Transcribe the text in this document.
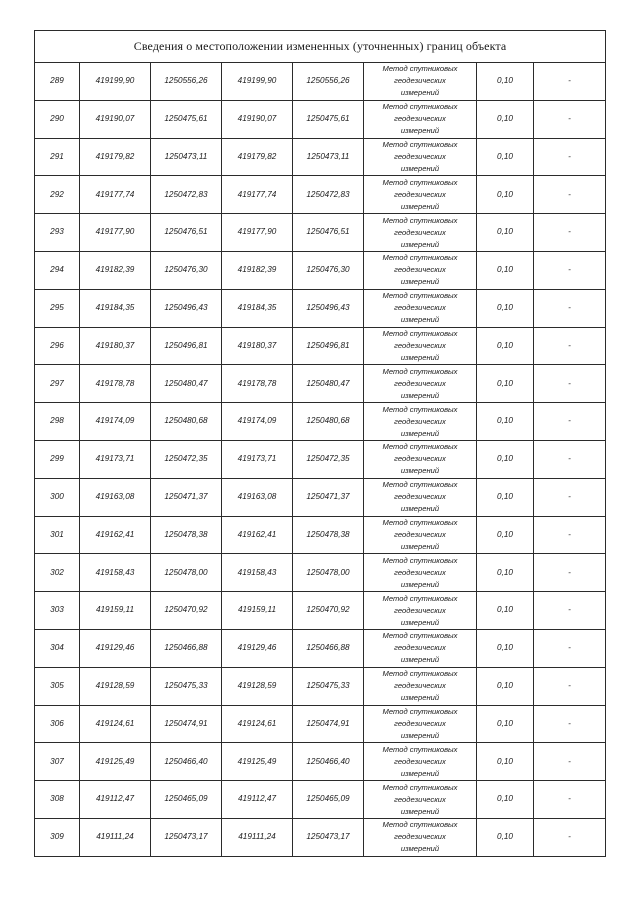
Сведения о местоположении измененных (уточненных) границ объекта							
289	419199,90	1250556,26	419199,90	1250556,26	Метод спутниковых
геодезических
измерений	0,10	-
290	419190,07	1250475,61	419190,07	1250475,61	Метод спутниковых
геодезических
измерений	0,10	-
291	419179,82	1250473,11	419179,82	1250473,11	Метод спутниковых
геодезических
измерений	0,10	-
292	419177,74	1250472,83	419177,74	1250472,83	Метод спутниковых
геодезических
измерений	0,10	-
293	419177,90	1250476,51	419177,90	1250476,51	Метод спутниковых
геодезических
измерений	0,10	-
294	419182,39	1250476,30	419182,39	1250476,30	Метод спутниковых
геодезических
измерений	0,10	-
295	419184,35	1250496,43	419184,35	1250496,43	Метод спутниковых
геодезических
измерений	0,10	-
296	419180,37	1250496,81	419180,37	1250496,81	Метод спутниковых
геодезических
измерений	0,10	-
297	419178,78	1250480,47	419178,78	1250480,47	Метод спутниковых
геодезических
измерений	0,10	-
298	419174,09	1250480,68	419174,09	1250480,68	Метод спутниковых
геодезических
измерений	0,10	-
299	419173,71	1250472,35	419173,71	1250472,35	Метод спутниковых
геодезических
измерений	0,10	-
300	419163,08	1250471,37	419163,08	1250471,37	Метод спутниковых
геодезических
измерений	0,10	-
301	419162,41	1250478,38	419162,41	1250478,38	Метод спутниковых
геодезических
измерений	0,10	-
302	419158,43	1250478,00	419158,43	1250478,00	Метод спутниковых
геодезических
измерений	0,10	-
303	419159,11	1250470,92	419159,11	1250470,92	Метод спутниковых
геодезических
измерений	0,10	-
304	419129,46	1250466,88	419129,46	1250466,88	Метод спутниковых
геодезических
измерений	0,10	-
305	419128,59	1250475,33	419128,59	1250475,33	Метод спутниковых
геодезических
измерений	0,10	-
306	419124,61	1250474,91	419124,61	1250474,91	Метод спутниковых
геодезических
измерений	0,10	-
307	419125,49	1250466,40	419125,49	1250466,40	Метод спутниковых
геодезических
измерений	0,10	-
308	419112,47	1250465,09	419112,47	1250465,09	Метод спутниковых
геодезических
измерений	0,10	-
309	419111,24	1250473,17	419111,24	1250473,17	Метод спутниковых
геодезических
измерений	0,10	-
